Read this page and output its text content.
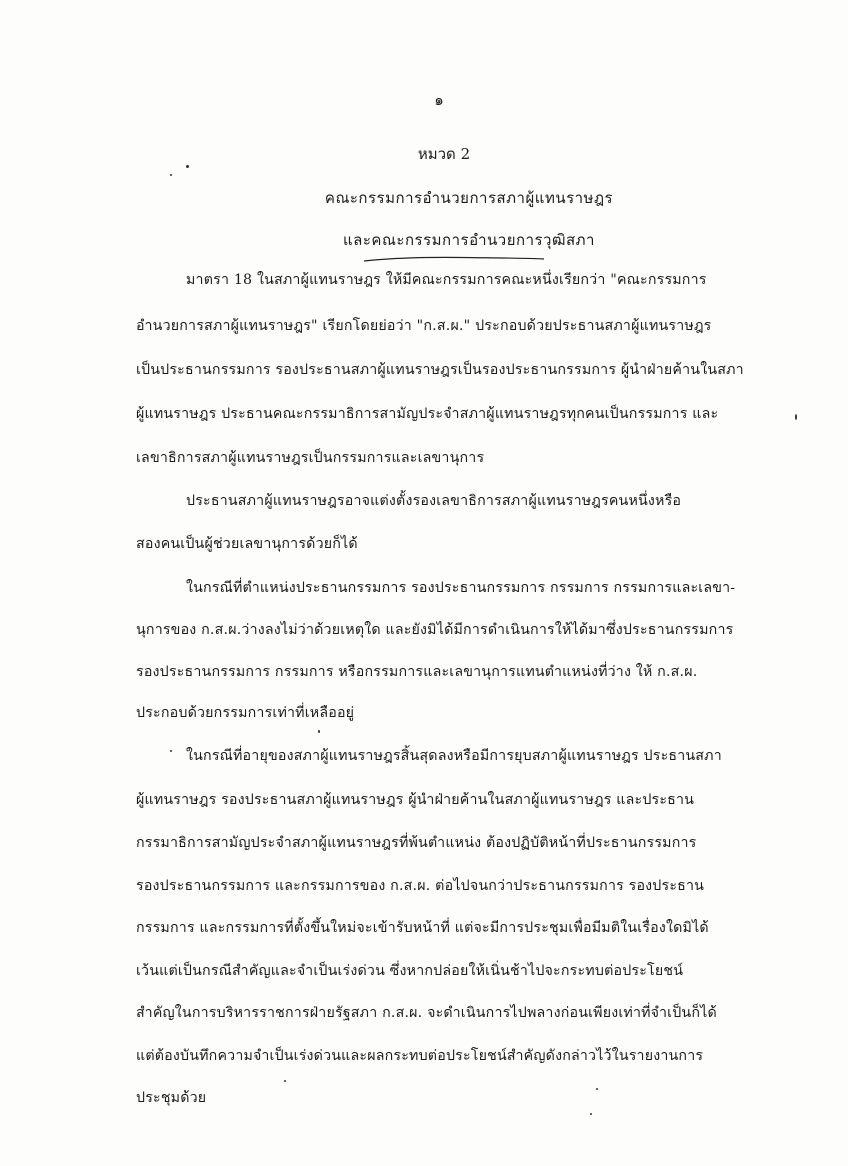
๑
หมวด 2
คณะกรรมการอำนวยการสภาผู้แทนราษฎร
และคณะกรรมการอำนวยการวุฒิสภา
มาตรา 18 ในสภาผู้แทนราษฎร ให้มีคณะกรรมการคณะหนึ่งเรียกว่า "คณะกรรมการ
อำนวยการสภาผู้แทนราษฎร" เรียกโดยย่อว่า "ก.ส.ผ." ประกอบด้วยประธานสภาผู้แทนราษฎร
เป็นประธานกรรมการ รองประธานสภาผู้แทนราษฎรเป็นรองประธานกรรมการ ผู้นำฝ่ายค้านในสภา
ผู้แทนราษฎร ประธานคณะกรรมาธิการสามัญประจำสภาผู้แทนราษฎรทุกคนเป็นกรรมการ และ
เลขาธิการสภาผู้แทนราษฎรเป็นกรรมการและเลขานุการ
ประธานสภาผู้แทนราษฎรอาจแต่งตั้งรองเลขาธิการสภาผู้แทนราษฎรคนหนึ่งหรือ
สองคนเป็นผู้ช่วยเลขานุการด้วยก็ได้
ในกรณีที่ตำแหน่งประธานกรรมการ รองประธานกรรมการ กรรมการ กรรมการและเลขา-
นุการของ ก.ส.ผ.ว่างลงไม่ว่าด้วยเหตุใด และยังมิได้มีการดำเนินการให้ได้มาซึ่งประธานกรรมการ
รองประธานกรรมการ กรรมการ หรือกรรมการและเลขานุการแทนตำแหน่งที่ว่าง ให้ ก.ส.ผ.
ประกอบด้วยกรรมการเท่าที่เหลืออยู่
ในกรณีที่อายุของสภาผู้แทนราษฎรสิ้นสุดลงหรือมีการยุบสภาผู้แทนราษฎร ประธานสภา
ผู้แทนราษฎร รองประธานสภาผู้แทนราษฎร ผู้นำฝ่ายค้านในสภาผู้แทนราษฎร และประธาน
กรรมาธิการสามัญประจำสภาผู้แทนราษฎรที่พ้นตำแหน่ง ต้องปฏิบัติหน้าที่ประธานกรรมการ
รองประธานกรรมการ และกรรมการของ ก.ส.ผ. ต่อไปจนกว่าประธานกรรมการ รองประธาน
กรรมการ และกรรมการที่ตั้งขึ้นใหม่จะเข้ารับหน้าที่ แต่จะมีการประชุมเพื่อมีมติในเรื่องใดมิได้
เว้นแต่เป็นกรณีสำคัญและจำเป็นเร่งด่วน ซึ่งหากปล่อยให้เนิ่นช้าไปจะกระทบต่อประโยชน์
สำคัญในการบริหารราชการฝ่ายรัฐสภา ก.ส.ผ. จะดำเนินการไปพลางก่อนเพียงเท่าที่จำเป็นก็ได้
แต่ต้องบันทึกความจำเป็นเร่งด่วนและผลกระทบต่อประโยชน์สำคัญดังกล่าวไว้ในรายงานการ
ประชุมด้วย
